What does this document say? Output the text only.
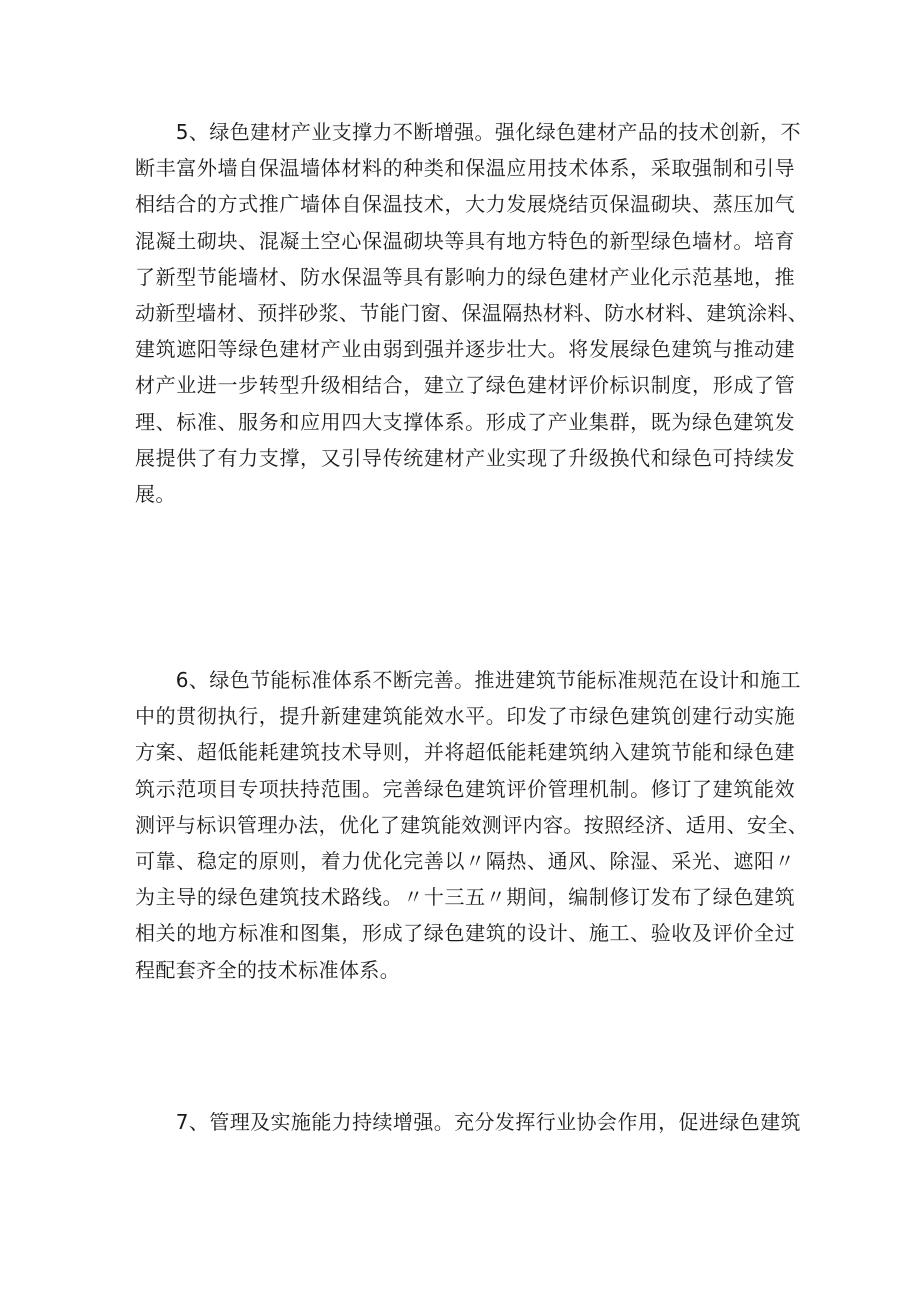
　　5、绿色建材产业支撑力不断增强。强化绿色建材产品的技术创新，不
断丰富外墙自保温墙体材料的种类和保温应用技术体系，采取强制和引导
相结合的方式推广墙体自保温技术，大力发展烧结页保温砌块、蒸压加气
混凝土砌块、混凝土空心保温砌块等具有地方特色的新型绿色墙材。培育
了新型节能墙材、防水保温等具有影响力的绿色建材产业化示范基地，推
动新型墙材、预拌砂浆、节能门窗、保温隔热材料、防水材料、建筑涂料、
建筑遮阳等绿色建材产业由弱到强并逐步壮大。将发展绿色建筑与推动建
材产业进一步转型升级相结合，建立了绿色建材评价标识制度，形成了管
理、标准、服务和应用四大支撑体系。形成了产业集群，既为绿色建筑发
展提供了有力支撑，又引导传统建材产业实现了升级换代和绿色可持续发
展。
　　6、绿色节能标准体系不断完善。推进建筑节能标准规范在设计和施工
中的贯彻执行，提升新建建筑能效水平。印发了市绿色建筑创建行动实施
方案、超低能耗建筑技术导则，并将超低能耗建筑纳入建筑节能和绿色建
筑示范项目专项扶持范围。完善绿色建筑评价管理机制。修订了建筑能效
测评与标识管理办法，优化了建筑能效测评内容。按照经济、适用、安全、
可靠、稳定的原则，着力优化完善以〃隔热、通风、除湿、采光、遮阳〃
为主导的绿色建筑技术路线。〃十三五〃期间，编制修订发布了绿色建筑
相关的地方标准和图集，形成了绿色建筑的设计、施工、验收及评价全过
程配套齐全的技术标准体系。
　　7、管理及实施能力持续增强。充分发挥行业协会作用，促进绿色建筑
